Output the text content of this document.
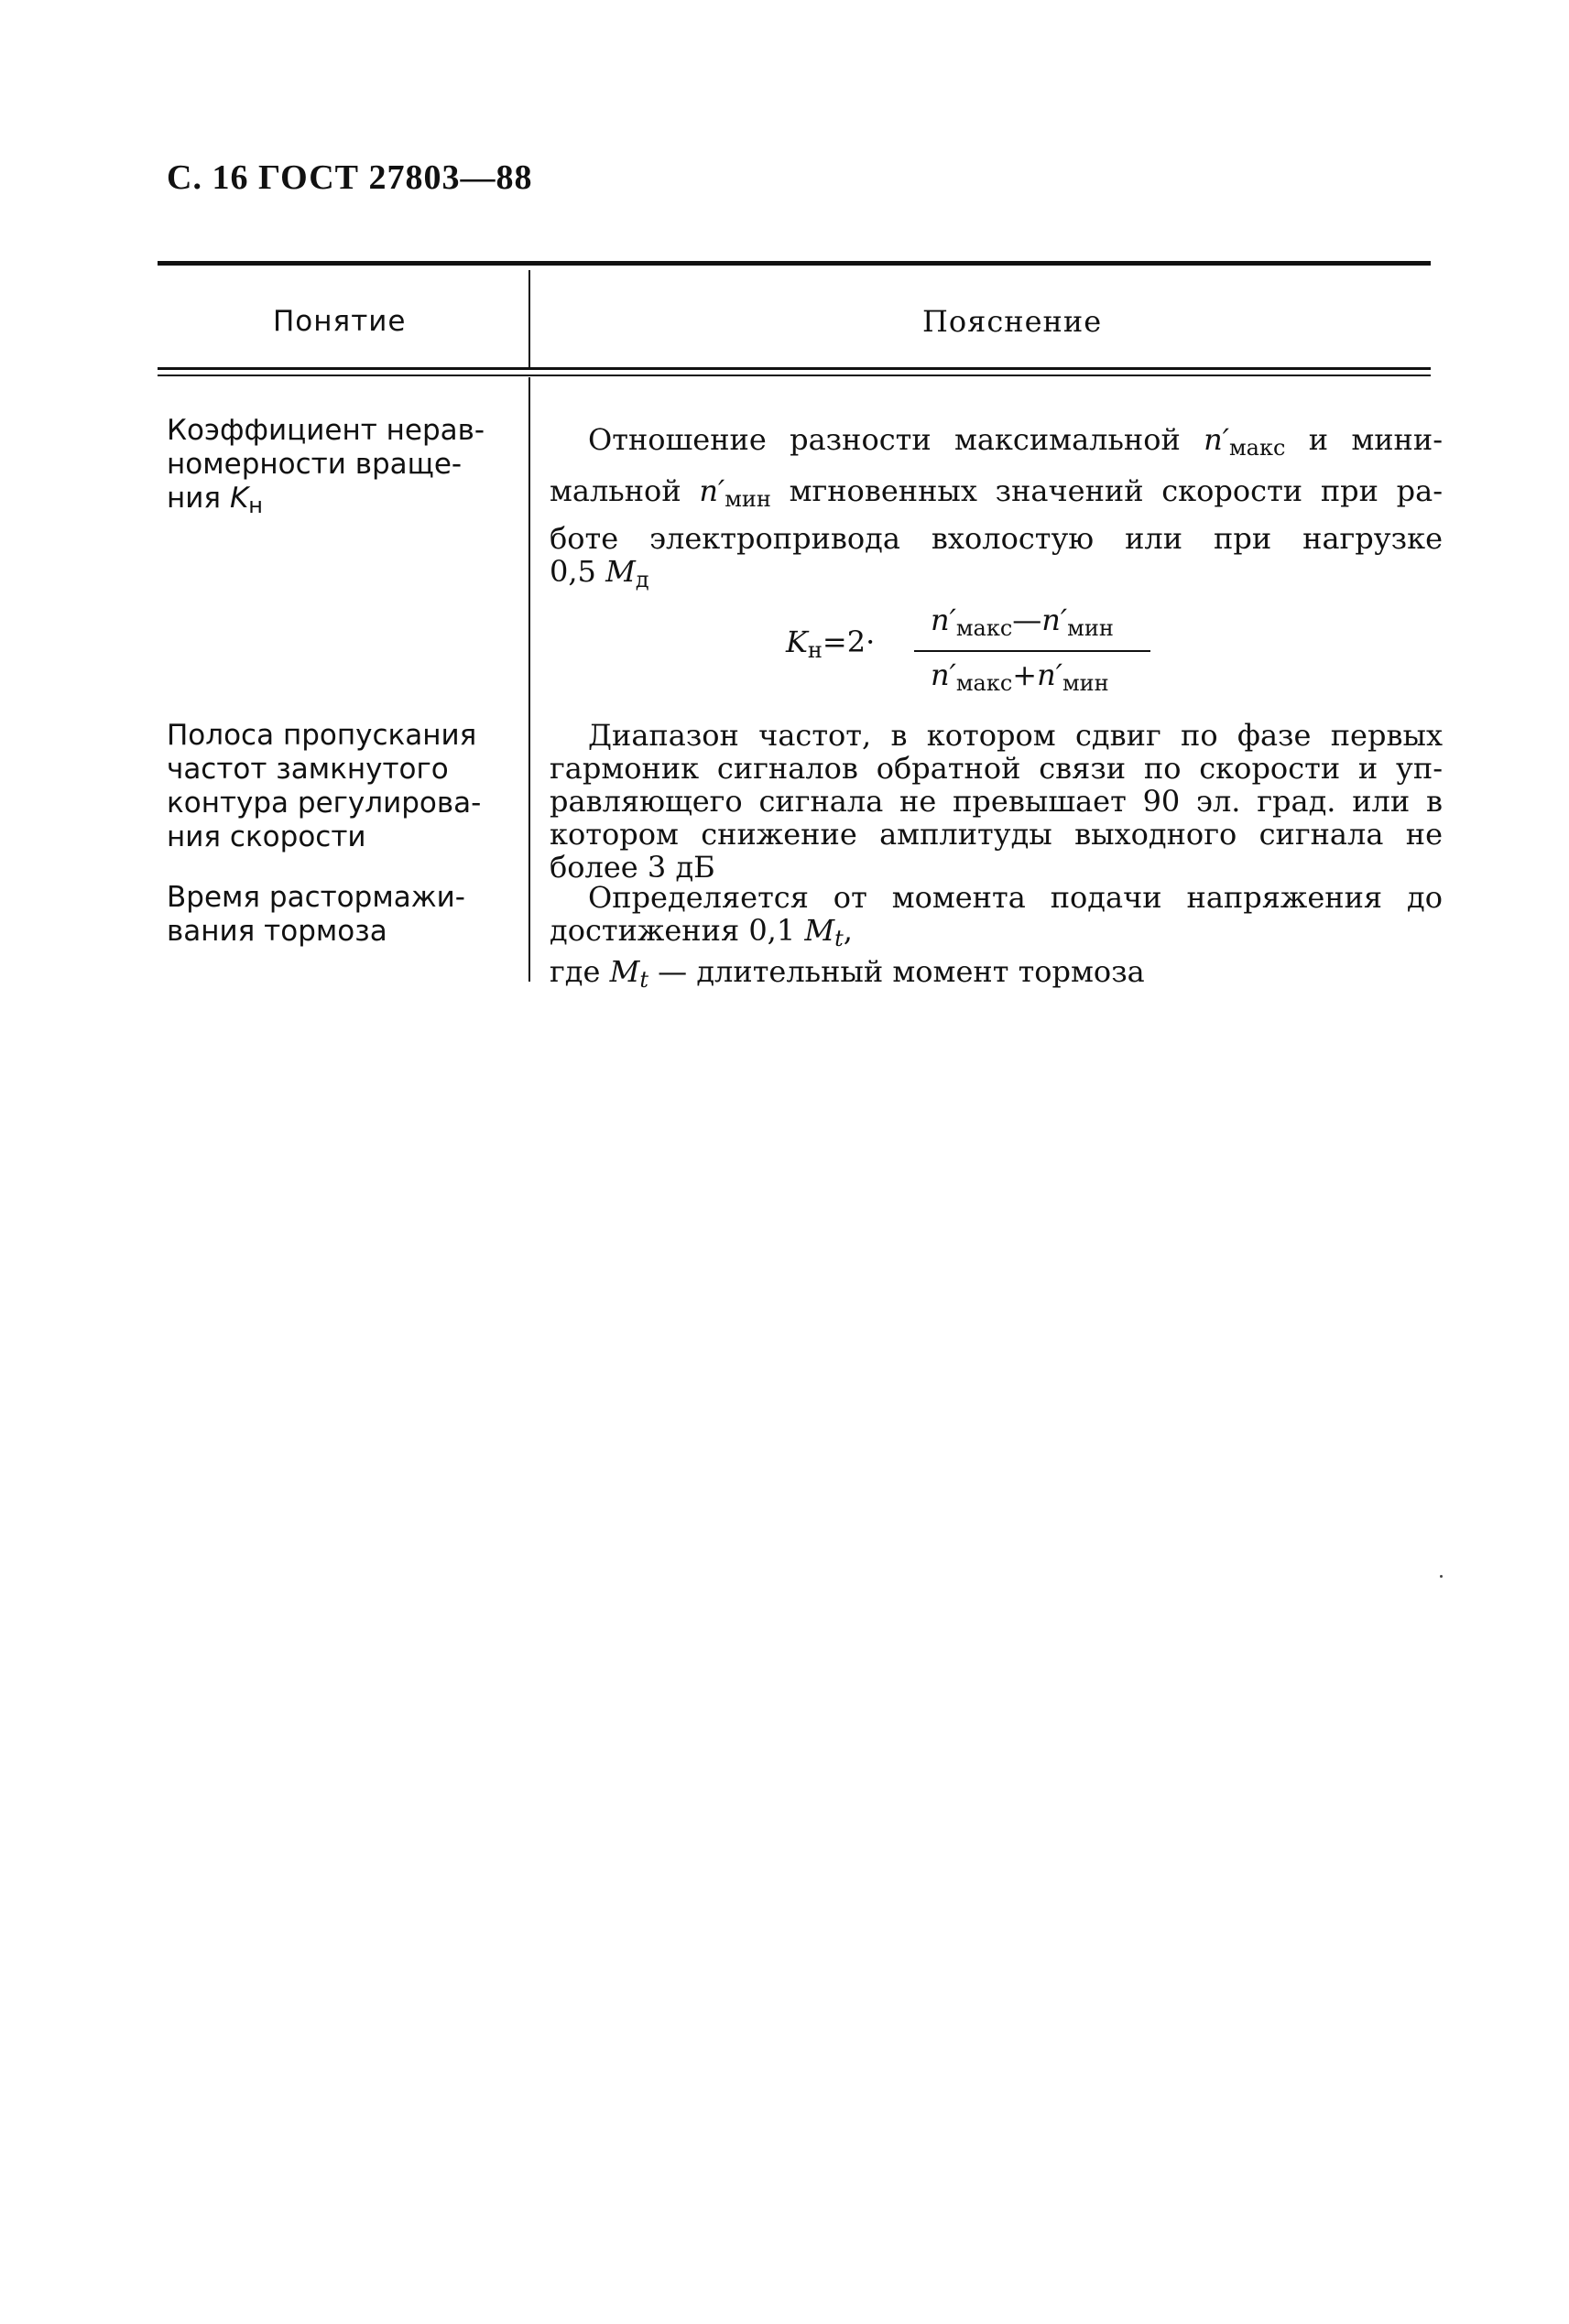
С. 16 ГОСТ 27803—88
Понятие	Пояснение
Коэффициент нерав-
номерности враще-
ния $K_н$
Отношение разности максимальной $n'_{макс}$ и мини-
мальной $n'_{мин}$ мгновенных значений скорости при ра-
боте электропривода вхолостую или при нагрузке
0,5 $M_д$
$K_н=2\cdot$
$n'_{макс}—n'_{мин}$
$n'_{макс}+n'_{мин}$
Полоса пропускания
частот замкнутого
контура регулирова-
ния скорости
Диапазон частот, в котором сдвиг по фазе первых
гармоник сигналов обратной связи по скорости и уп-
равляющего сигнала не превышает 90 эл. град. или в
котором снижение амплитуды выходного сигнала не
более 3 дБ
Время растормажи-
вания тормоза
Определяется от момента подачи напряжения до
достижения 0,1 $M_t$,
где $M_t$ — длительный момент тормоза
